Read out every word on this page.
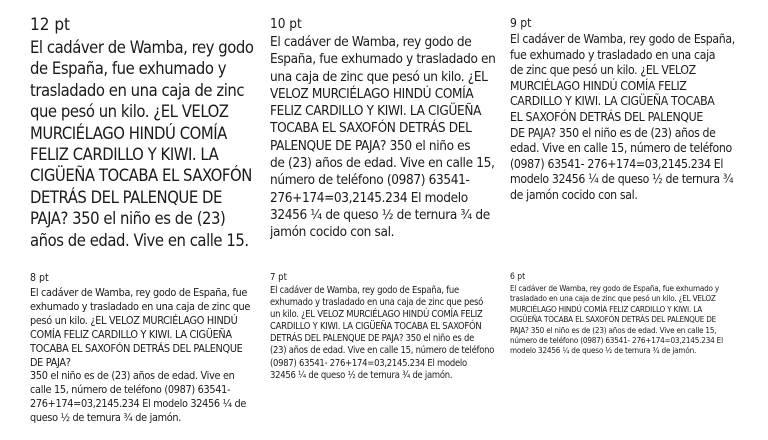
12 pt

El cadáver de Wamba, rey godo
de España, fue exhumado y
trasladado en una caja de zinc
que pesó un kilo. ¿EL VELOZ
MURCIÉLAGO HINDÚ COMÍA
FELIZ CARDILLO Y KIWI. LA
CIGÜEÑA TOCABA EL SAXOFÓN
DETRÁS DEL PALENQUE DE
PAJA? 350 el niño es de (23)
años de edad. Vive en calle 15.

10 pt

El cadáver de Wamba, rey godo de
España, fue exhumado y trasladado en
una caja de zinc que pesó un kilo. ¿EL
VELOZ MURCIÉLAGO HINDÚ COMÍA
FELIZ CARDILLO Y KIWI. LA CIGÜEÑA
TOCABA EL SAXOFÓN DETRÁS DEL
PALENQUE DE PAJA? 350 el niño es
de (23) años de edad. Vive en calle 15,
número de teléfono (0987) 63541-
276+174=03,2145.234 El modelo
32456 ¼ de queso ½ de ternura ¾ de
jamón cocido con sal.

9 pt

El cadáver de Wamba, rey godo de España,
fue exhumado y trasladado en una caja
de zinc que pesó un kilo. ¿EL VELOZ
MURCIÉLAGO HINDÚ COMÍA FELIZ
CARDILLO Y KIWI. LA CIGÜEÑA TOCABA
EL SAXOFÓN DETRÁS DEL PALENQUE
DE PAJA? 350 el niño es de (23) años de
edad. Vive en calle 15, número de teléfono
(0987) 63541- 276+174=03,2145.234 El
modelo 32456 ¼ de queso ½ de ternura ¾
de jamón cocido con sal.

8 pt

El cadáver de Wamba, rey godo de España, fue
exhumado y trasladado en una caja de zinc que
pesó un kilo. ¿EL VELOZ MURCIÉLAGO HINDÚ
COMÍA FELIZ CARDILLO Y KIWI. LA CIGÜEÑA
TOCABA EL SAXOFÓN DETRÁS DEL PALENQUE
DE PAJA?
350 el niño es de (23) años de edad. Vive en
calle 15, número de teléfono (0987) 63541-
276+174=03,2145.234 El modelo 32456 ¼ de
queso ½ de ternura ¾ de jamón.

7 pt

El cadáver de Wamba, rey godo de España, fue
exhumado y trasladado en una caja de zinc que pesó
un kilo. ¿EL VELOZ MURCIÉLAGO HINDÚ COMÍA FELIZ
CARDILLO Y KIWI. LA CIGÜEÑA TOCABA EL SAXOFÓN
DETRÁS DEL PALENQUE DE PAJA? 350 el niño es de
(23) años de edad. Vive en calle 15, número de teléfono
(0987) 63541- 276+174=03,2145.234 El modelo
32456 ¼ de queso ½ de ternura ¾ de jamón.

6 pt

El cadáver de Wamba, rey godo de España, fue exhumado y
trasladado en una caja de zinc que pesó un kilo. ¿EL VELOZ
MURCIÉLAGO HINDÚ COMÍA FELIZ CARDILLO Y KIWI. LA
CIGÜEÑA TOCABA EL SAXOFÓN DETRÁS DEL PALENQUE DE
PAJA? 350 el niño es de (23) años de edad. Vive en calle 15,
número de teléfono (0987) 63541- 276+174=03,2145.234 El
modelo 32456 ¼ de queso ½ de ternura ¾ de jamón.
